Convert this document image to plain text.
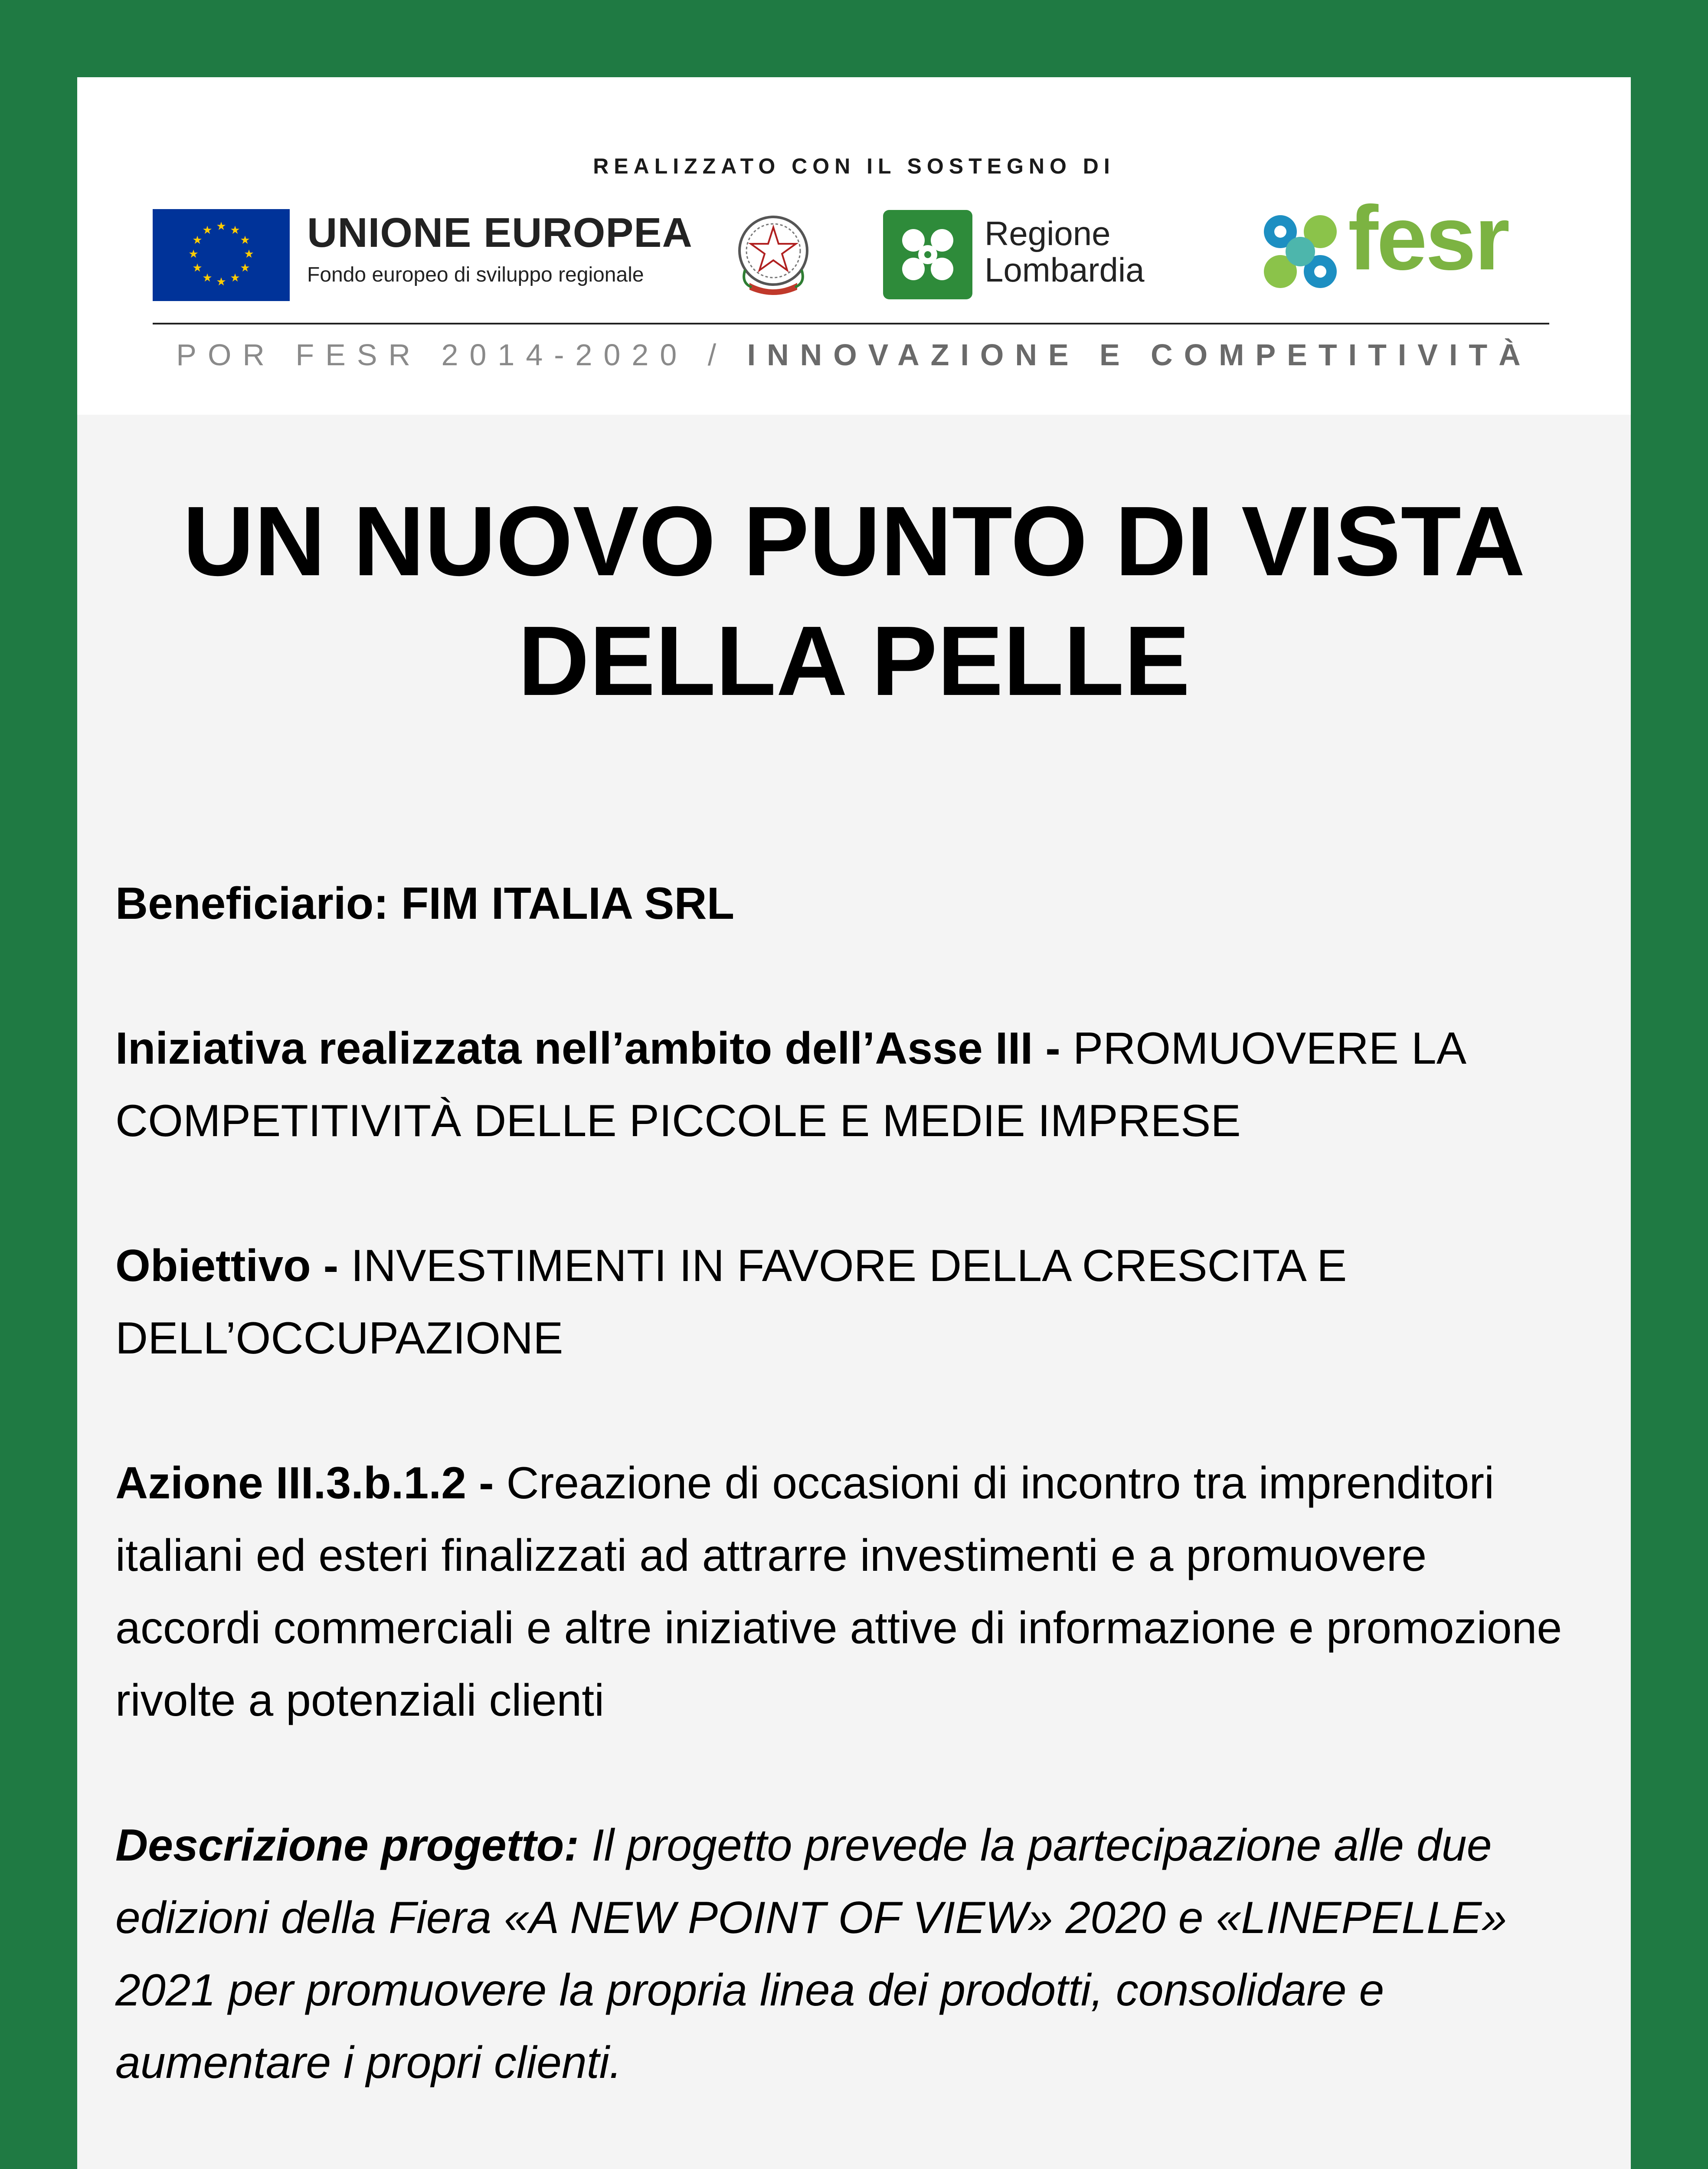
REALIZZATO CON IL SOSTEGNO DI
★ ★
★
★
★
★
★
★
★
★
★
★ UNIONE EUROPEA
Fondo europeo di sviluppo regionale
Regione
Lombardia fesr
POR FESR 2014-2020 / INNOVAZIONE E COMPETITIVITÀ
UN NUOVO PUNTO DI VISTA
DELLA PELLE
Beneficiario: FIM ITALIA SRL
Iniziativa realizzata nell’ambito dell’Asse III - PROMUOVERE LA COMPETITIVITÀ DELLE PICCOLE E MEDIE IMPRESE
Obiettivo - INVESTIMENTI IN FAVORE DELLA CRESCITA E DELL’OCCUPAZIONE
Azione III.3.b.1.2 - Creazione di occasioni di incontro tra imprenditori italiani ed esteri finalizzati ad attrarre investimenti e a promuovere accordi commerciali e altre iniziative attive di informazione e promozione rivolte a potenziali clienti
Descrizione progetto: Il progetto prevede la partecipazione alle due edizioni della Fiera «A NEW POINT OF VIEW» 2020 e «LINEPELLE» 2021 per promuovere la propria linea dei prodotti, consolidare e aumentare i propri clienti.
